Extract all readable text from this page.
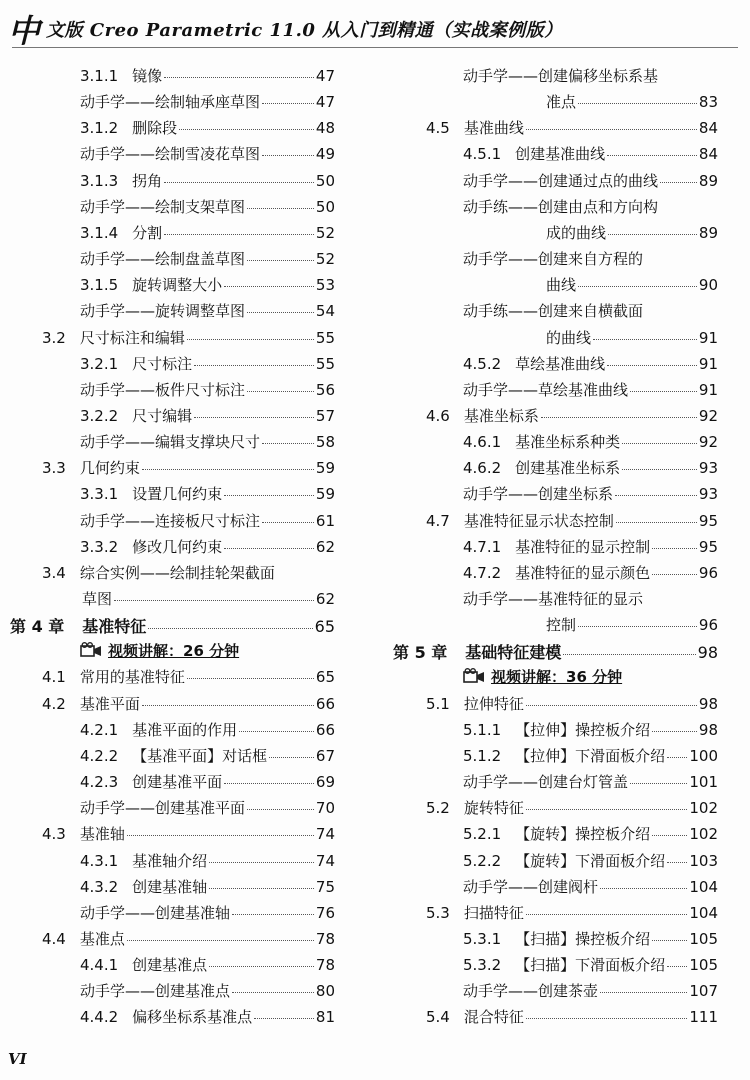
中 文版 Creo Parametric 11.0 从入门到精通（实战案例版）
VI
3.1.1 镜像	47
动手学——绘制轴承座草图	47
3.1.2 删除段	48
动手学——绘制雪凌花草图	49
3.1.3 拐角	50
动手学——绘制支架草图	50
3.1.4 分割	52
动手学——绘制盘盖草图	52
3.1.5 旋转调整大小	53
动手学——旋转调整草图	54
3.2 尺寸标注和编辑	55
3.2.1 尺寸标注	55
动手学——板件尺寸标注	56
3.2.2 尺寸编辑	57
动手学——编辑支撑块尺寸	58
3.3 几何约束	59
3.3.1 设置几何约束	59
动手学——连接板尺寸标注	61
3.3.2 修改几何约束	62
3.4 综合实例——绘制挂轮架截面
草图	62
第 4 章 基准特征	65
视频讲解：26 分钟
4.1 常用的基准特征	65
4.2 基准平面	66
4.2.1 基准平面的作用	66
4.2.2 【基准平面】对话框	67
4.2.3 创建基准平面	69
动手学——创建基准平面	70
4.3 基准轴	74
4.3.1 基准轴介绍	74
4.3.2 创建基准轴	75
动手学——创建基准轴	76
4.4 基准点	78
4.4.1 创建基准点	78
动手学——创建基准点	80
4.4.2 偏移坐标系基准点	81
动手学——创建偏移坐标系基
准点	83
4.5 基准曲线	84
4.5.1 创建基准曲线	84
动手学——创建通过点的曲线	89
动手练——创建由点和方向构
成的曲线	89
动手学——创建来自方程的
曲线	90
动手练——创建来自横截面
的曲线	91
4.5.2 草绘基准曲线	91
动手学——草绘基准曲线	91
4.6 基准坐标系	92
4.6.1 基准坐标系种类	92
4.6.2 创建基准坐标系	93
动手学——创建坐标系	93
4.7 基准特征显示状态控制	95
4.7.1 基准特征的显示控制	95
4.7.2 基准特征的显示颜色	96
动手学——基准特征的显示
控制	96
第 5 章 基础特征建模	98
视频讲解：36 分钟
5.1 拉伸特征	98
5.1.1 【拉伸】操控板介绍	98
5.1.2 【拉伸】下滑面板介绍 100
动手学——创建台灯管盖	101
5.2 旋转特征	102
5.2.1 【旋转】操控板介绍	102
5.2.2 【旋转】下滑面板介绍 103
动手学——创建阀杆	104
5.3 扫描特征	104
5.3.1 【扫描】操控板介绍	105
5.3.2 【扫描】下滑面板介绍 105
动手学——创建茶壶	107
5.4 混合特征	111
